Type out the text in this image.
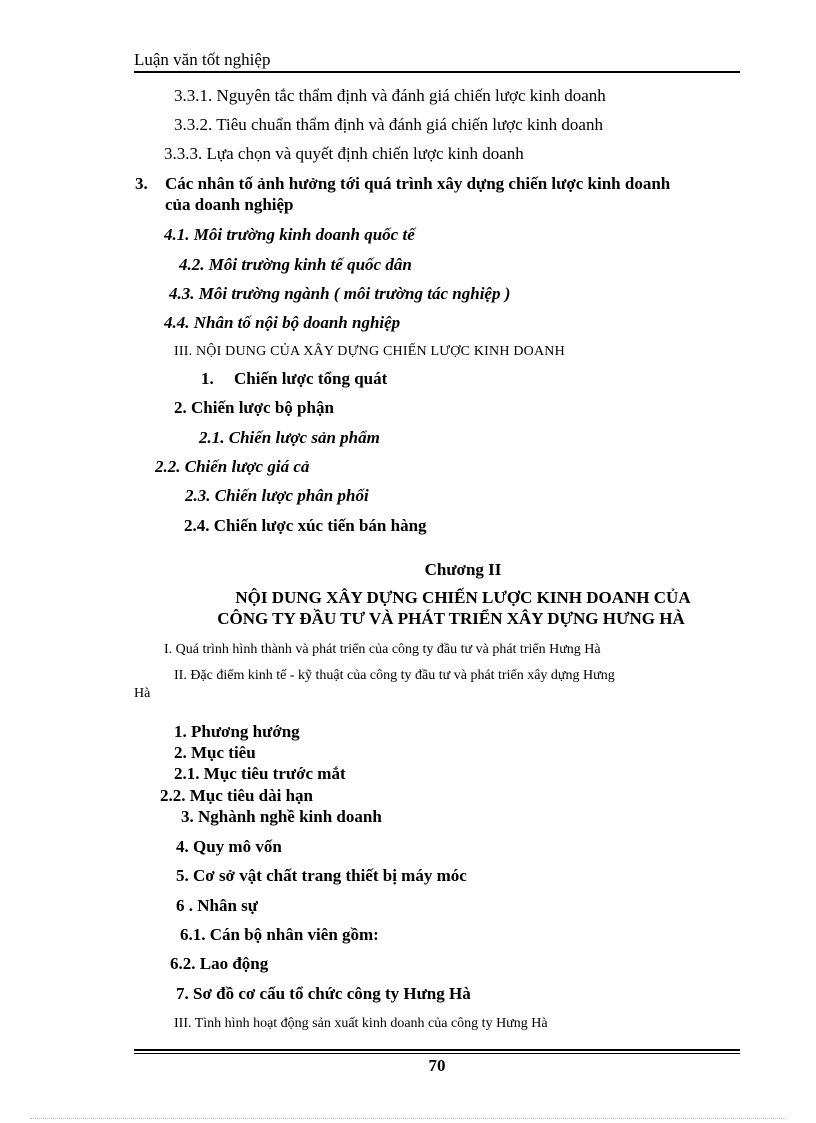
Luận văn tốt nghiệp
3.3.1. Nguyên tắc thẩm định và đánh giá chiến lược kinh doanh
3.3.2. Tiêu chuẩn thẩm định và đánh giá chiến lược kinh doanh
3.3.3. Lựa chọn và quyết định chiến lược kinh doanh
3. Các nhân tố ảnh hưởng tới quá trình xây dựng chiến lược kinh doanh
của doanh nghiệp
4.1. Môi trường kinh doanh quốc tế
4.2. Môi trường kinh tế quốc dân
4.3. Môi trường ngành ( môi trường tác nghiệp )
4.4. Nhân tố nội bộ doanh nghiệp
III. NỘI DUNG CỦA XÂY DỰNG CHIẾN LƯỢC KINH DOANH
1. Chiến lược tổng quát
2. Chiến lược bộ phận
2.1. Chiến lược sản phẩm
2.2. Chiến lược giá cả
2.3. Chiến lược phân phối
2.4. Chiến lược xúc tiến bán hàng
Chương II
NỘI DUNG XÂY DỰNG CHIẾN LƯỢC KINH DOANH CỦA
CÔNG TY ĐẦU TƯ VÀ PHÁT TRIỂN XÂY DỰNG HƯNG HÀ
I. Quá trình hình thành và phát triển của công ty đầu tư và phát triển Hưng Hà
II. Đặc điểm kinh tế - kỹ thuật của công ty đầu tư và phát triển xây dựng Hưng
Hà
1. Phương hướng
2. Mục tiêu
2.1. Mục tiêu trước mắt
2.2. Mục tiêu dài hạn
3. Nghành nghề kinh doanh
4. Quy mô vốn
5. Cơ sở vật chất trang thiết bị máy móc
6 . Nhân sự
6.1. Cán bộ nhân viên gồm:
6.2. Lao động
7. Sơ đồ cơ cấu tổ chức công ty Hưng Hà
III. Tình hình hoạt động sản xuất kinh doanh của công ty Hưng Hà
70
